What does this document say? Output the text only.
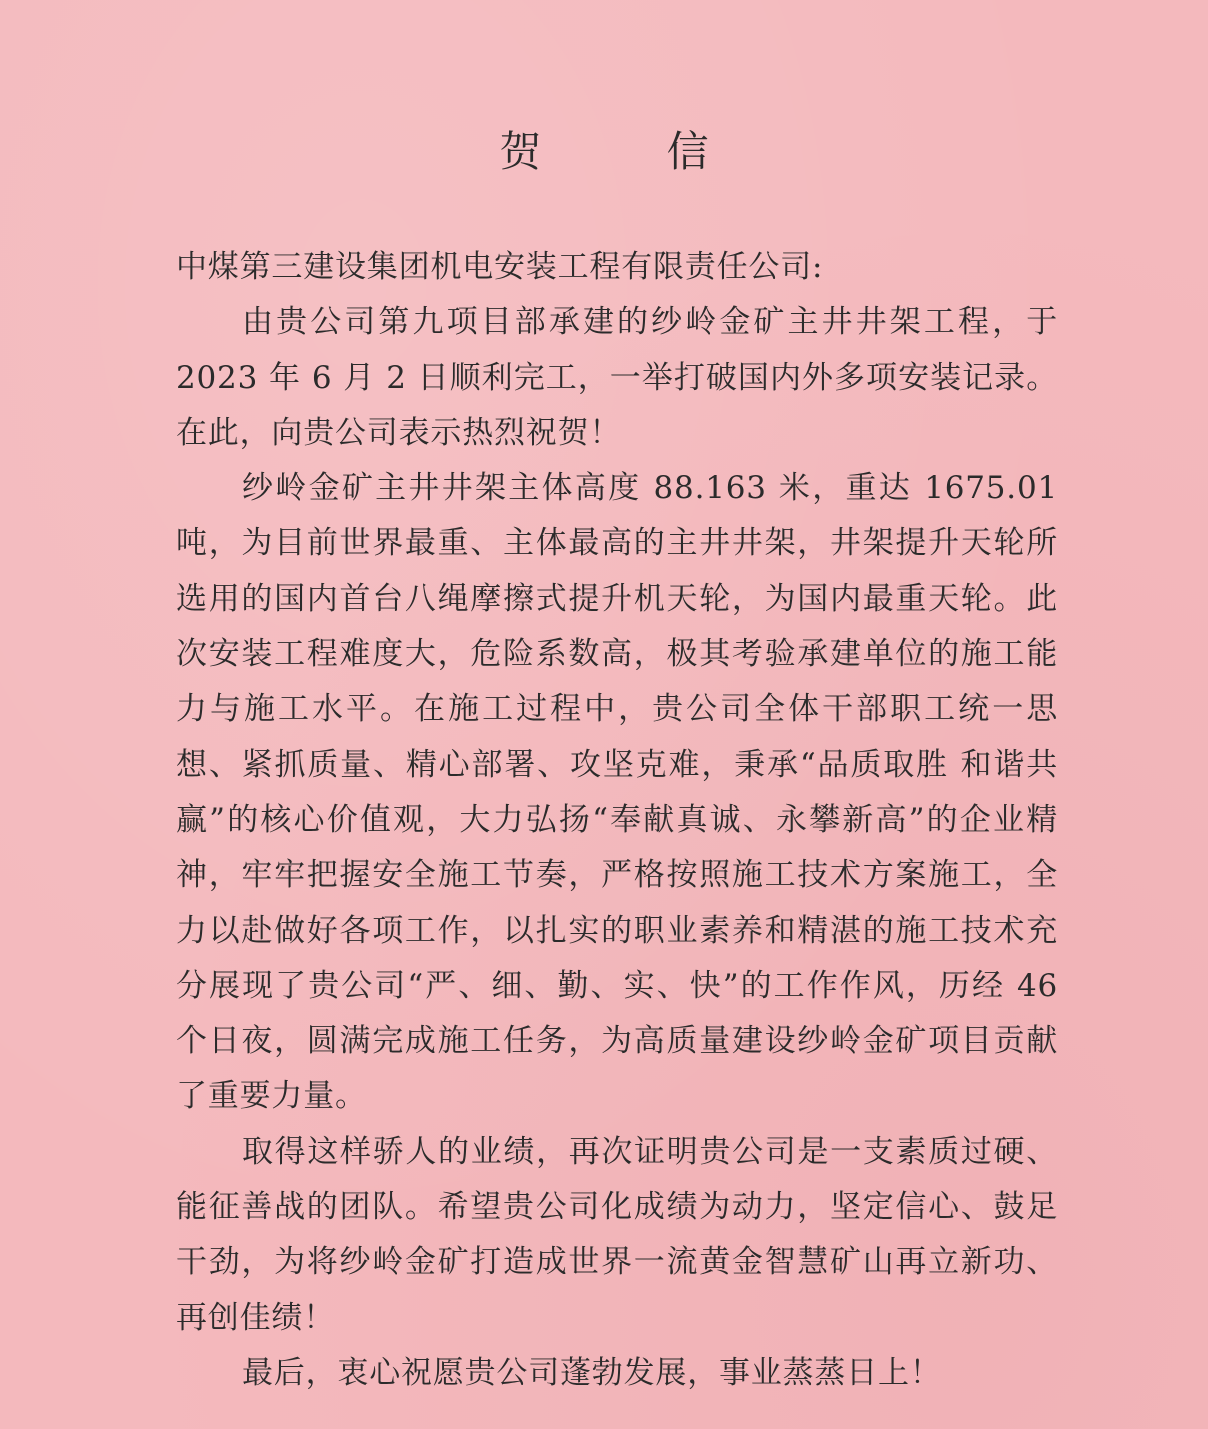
贺 信

中煤第三建设集团机电安装工程有限责任公司:

由贵公司第九项目部承建的纱岭金矿主井井架工程，于 2023 年 6 月 2 日顺利完工，一举打破国内外多项安装记录。在此，向贵公司表示热烈祝贺！

纱岭金矿主井井架主体高度 88.163 米，重达 1675.01 吨，为目前世界最重、主体最高的主井井架，井架提升天轮所选用的国内首台八绳摩擦式提升机天轮，为国内最重天轮。此次安装工程难度大，危险系数高，极其考验承建单位的施工能力与施工水平。在施工过程中，贵公司全体干部职工统一思想、紧抓质量、精心部署、攻坚克难，秉承“品质取胜 和谐共赢”的核心价值观，大力弘扬“奉献真诚、永攀新高”的企业精神，牢牢把握安全施工节奏，严格按照施工技术方案施工，全力以赴做好各项工作，以扎实的职业素养和精湛的施工技术充分展现了贵公司“严、细、勤、实、快”的工作作风，历经 46 个日夜，圆满完成施工任务，为高质量建设纱岭金矿项目贡献了重要力量。

取得这样骄人的业绩，再次证明贵公司是一支素质过硬、能征善战的团队。希望贵公司化成绩为动力，坚定信心、鼓足干劲，为将纱岭金矿打造成世界一流黄金智慧矿山再立新功、再创佳绩！

最后，衷心祝愿贵公司蓬勃发展，事业蒸蒸日上！
